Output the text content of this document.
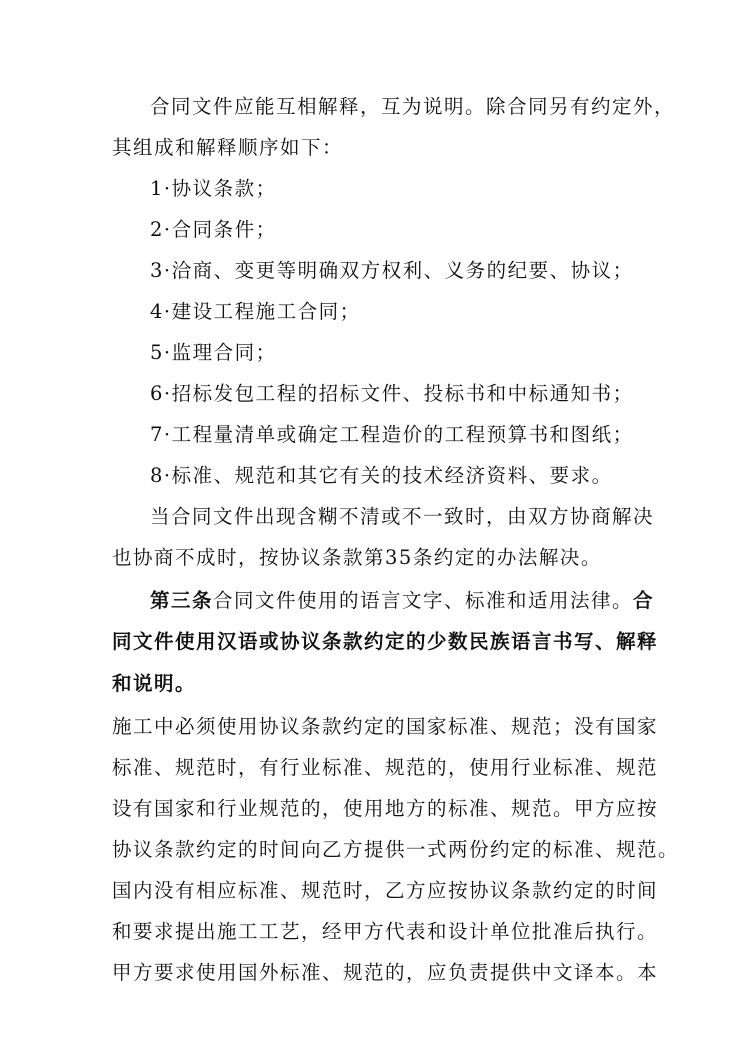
合同文件应能互相解释，互为说明。除合同另有约定外，
其组成和解释顺序如下：
1·协议条款；
2·合同条件；
3·洽商、变更等明确双方权利、义务的纪要、协议；
4·建设工程施工合同；
5·监理合同；
6·招标发包工程的招标文件、投标书和中标通知书；
7·工程量清单或确定工程造价的工程预算书和图纸；
8·标准、规范和其它有关的技术经济资料、要求。
当合同文件出现含糊不清或不一致时，由双方协商解决
也协商不成时，按协议条款第35条约定的办法解决。
第三条合同文件使用的语言文字、标准和适用法律。合
同文件使用汉语或协议条款约定的少数民族语言书写、解释
和说明。
施工中必须使用协议条款约定的国家标准、规范；没有国家
标准、规范时，有行业标准、规范的，使用行业标准、规范
设有国家和行业规范的，使用地方的标准、规范。甲方应按
协议条款约定的时间向乙方提供一式两份约定的标准、规范。
国内没有相应标准、规范时，乙方应按协议条款约定的时间
和要求提出施工工艺，经甲方代表和设计单位批准后执行。
甲方要求使用国外标准、规范的，应负责提供中文译本。本
